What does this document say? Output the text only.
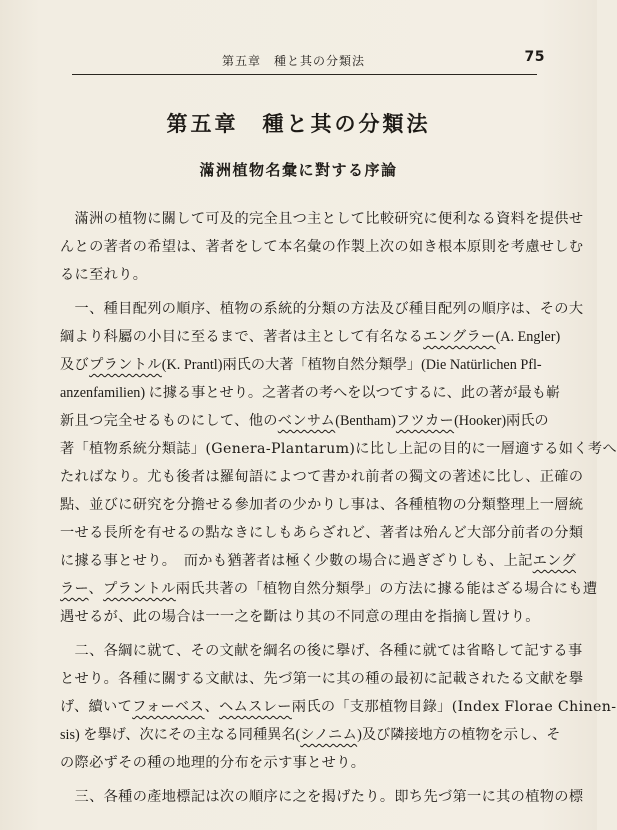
第五章　種と其の分類法	75
第五章　種と其の分類法
滿洲植物名彙に對する序論
　滿洲の植物に關して可及的完全且つ主として比較研究に便利なる資料を提供せ
んとの著者の希望は、著者をして本名彙の作製上次の如き根本原則を考慮せしむ
るに至れり。
　一、種目配列の順序、植物の系統的分類の方法及び種目配列の順序は、その大
綱より科屬の小目に至るまで、著者は主として有名なるエングラー(A. Engler)
及びプラントル(K. Prantl)兩氏の大著「植物自然分類學」(Die Natürlichen Pfl-
anzenfamilien) に據る事とせり。之著者の考へを以つてするに、此の著が最も嶄
新且つ完全せるものにして、他のベンサム(Bentham)フツカー(Hooker)兩氏の
著「植物系統分類誌」(Genera-Plantarum)に比し上記の目的に一層適する如く考へ
たればなり。尤も後者は羅甸語によつて書かれ前者の獨文の著述に比し、正確の
點、並びに研究を分擔せる參加者の少かりし事は、各種植物の分類整理上一層統
一せる長所を有せるの點なきにしもあらざれど、著者は殆んど大部分前者の分類
に據る事とせり。　而かも猶著者は極く少數の場合に過ぎざりしも、上記エング
ラー、プラントル兩氏共著の「植物自然分類學」の方法に據る能はざる場合にも遭
遇せるが、此の場合は一一之を斷はり其の不同意の理由を指摘し置けり。
　二、各綱に就て、その文献を綱名の後に擧げ、各種に就ては省略して記する事
とせり。各種に關する文献は、先づ第一に其の種の最初に記載されたる文献を擧
げ、續いてフォーベス、ヘムスレー兩氏の「支那植物目錄」(Index Florae Chinen-
sis) を擧げ、次にその主なる同種異名(シノニム)及び隣接地方の植物を示し、そ
の際必ずその種の地理的分布を示す事とせり。
　三、各種の產地標記は次の順序に之を揭げたり。即ち先づ第一に其の植物の標
